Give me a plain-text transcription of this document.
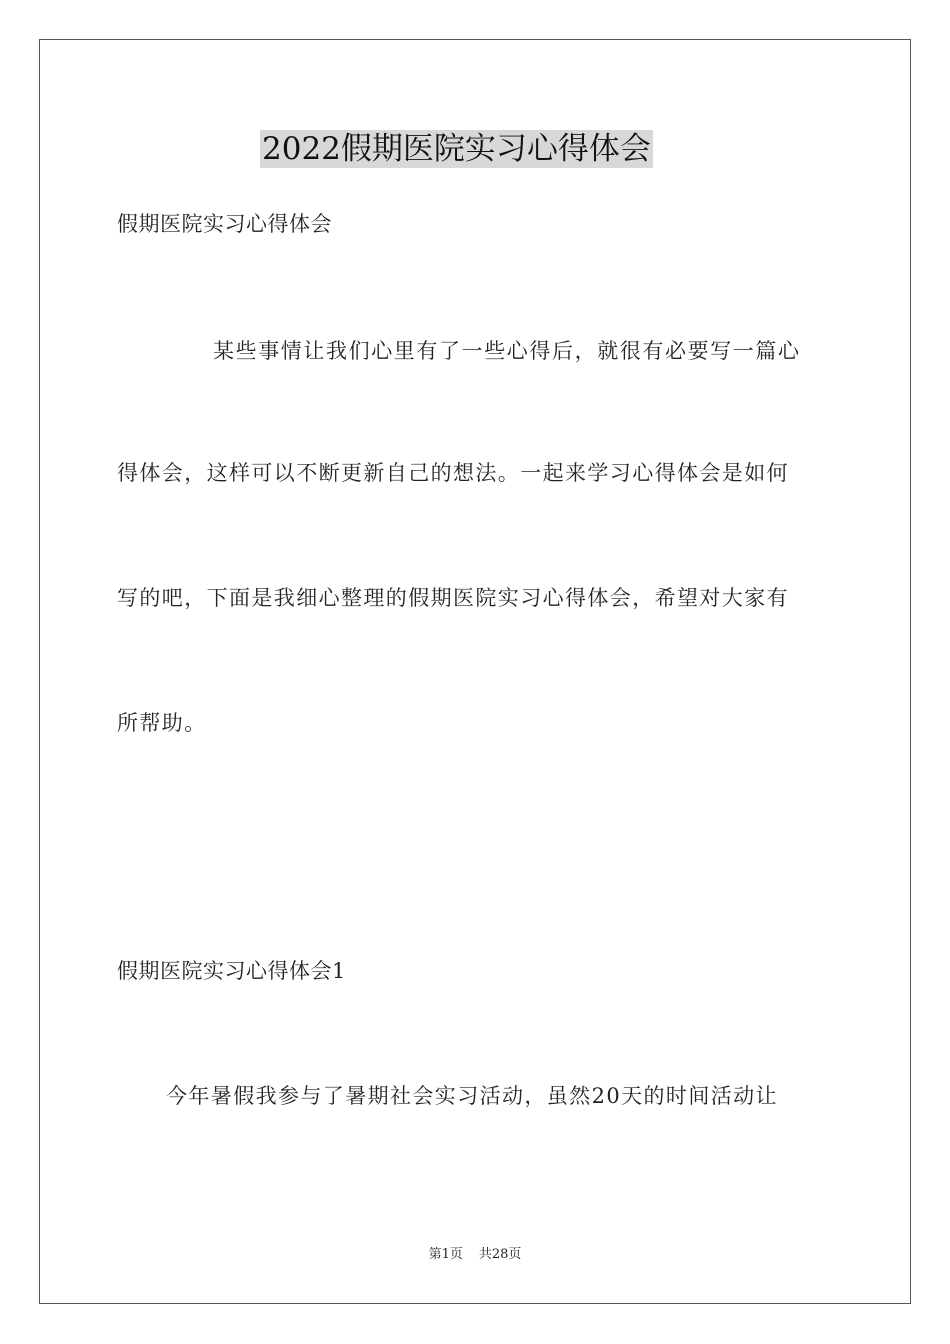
2022假期医院实习心得体会
假期医院实习心得体会
某些事情让我们心里有了一些心得后，就很有必要写一篇心
得体会，这样可以不断更新自己的想法。一起来学习心得体会是如何
写的吧，下面是我细心整理的假期医院实习心得体会，希望对大家有
所帮助。
假期医院实习心得体会1
今年暑假我参与了暑期社会实习活动，虽然20天的时间活动让
第1页 共28页
